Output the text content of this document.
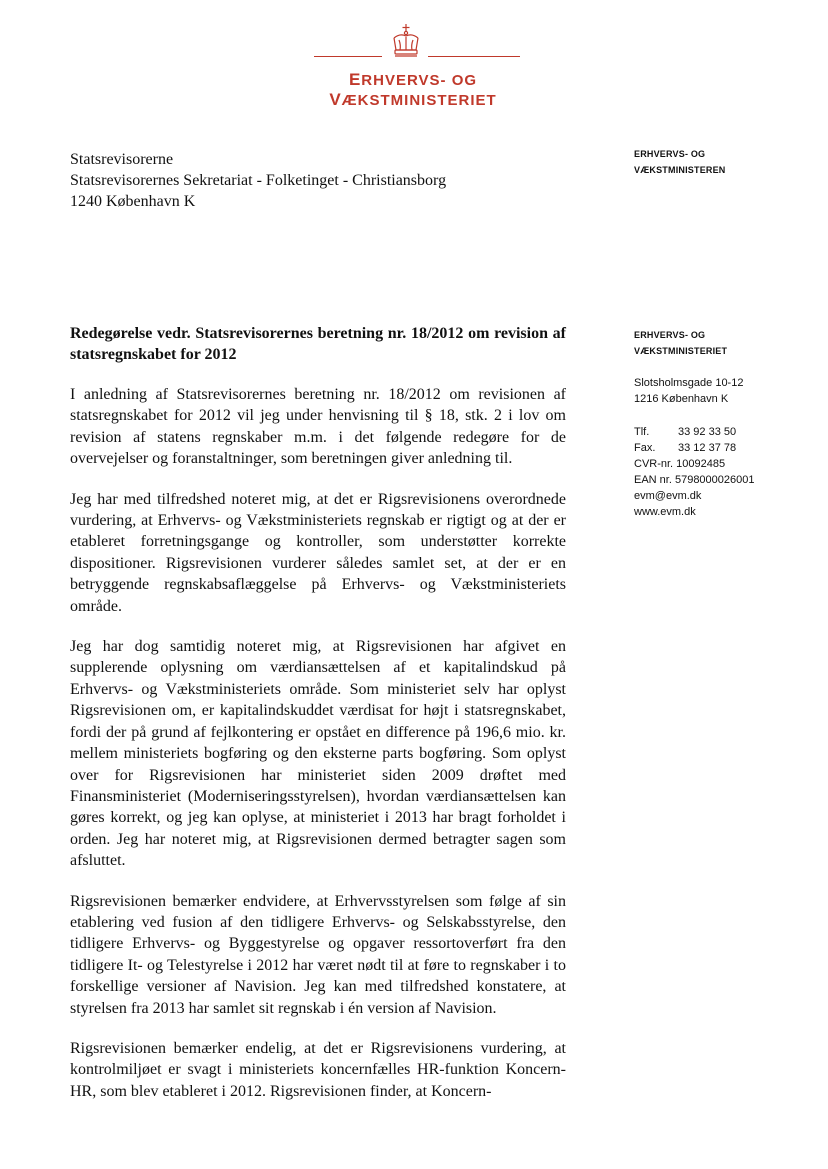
ERHVERVS- OG VÆKSTMINISTERIET
Statsrevisorerne
Statsrevisorernes Sekretariat - Folketinget - Christiansborg
1240 København K
ERHVERVS- OG
VÆKSTMINISTEREN
ERHVERVS- OG
VÆKSTMINISTERIET
Slotsholmsgade 10-12
1216 København K
Tlf.	33 92 33 50
Fax.	33 12 37 78
CVR-nr. 10092485
EAN nr. 5798000026001
evm@evm.dk
www.evm.dk
Redegørelse vedr. Statsrevisorernes beretning nr. 18/2012 om revision af statsregnskabet for 2012

I anledning af Statsrevisorernes beretning nr. 18/2012 om revisionen af statsregnskabet for 2012 vil jeg under henvisning til § 18, stk. 2 i lov om revision af statens regnskaber m.m. i det følgende redegøre for de overvejelser og foranstaltninger, som beretningen giver anledning til.

Jeg har med tilfredshed noteret mig, at det er Rigsrevisionens overordnede vurdering, at Erhvervs- og Vækstministeriets regnskab er rigtigt og at der er etableret forretningsgange og kontroller, som understøtter korrekte dispositioner. Rigsrevisionen vurderer således samlet set, at der er en betryggende regnskabsaflæggelse på Erhvervs- og Vækstministeriets område.

Jeg har dog samtidig noteret mig, at Rigsrevisionen har afgivet en supplerende oplysning om værdiansættelsen af et kapitalindskud på Erhvervs- og Vækstministeriets område. Som ministeriet selv har oplyst Rigsrevisionen om, er kapitalindskuddet værdisat for højt i statsregnskabet, fordi der på grund af fejlkontering er opstået en difference på 196,6 mio. kr. mellem ministeriets bogføring og den eksterne parts bogføring. Som oplyst over for Rigsrevisionen har ministeriet siden 2009 drøftet med Finansministeriet (Moderniseringsstyrelsen), hvordan værdiansættelsen kan gøres korrekt, og jeg kan oplyse, at ministeriet i 2013 har bragt forholdet i orden. Jeg har noteret mig, at Rigsrevisionen dermed betragter sagen som afsluttet.

Rigsrevisionen bemærker endvidere, at Erhvervsstyrelsen som følge af sin etablering ved fusion af den tidligere Erhvervs- og Selskabsstyrelse, den tidligere Erhvervs- og Byggestyrelse og opgaver ressortoverført fra den tidligere It- og Telestyrelse i 2012 har været nødt til at føre to regnskaber i to forskellige versioner af Navision. Jeg kan med tilfredshed konstatere, at styrelsen fra 2013 har samlet sit regnskab i én version af Navision.

Rigsrevisionen bemærker endelig, at det er Rigsrevisionens vurdering, at kontrolmiljøet er svagt i ministeriets koncernfælles HR-funktion Koncern-HR, som blev etableret i 2012. Rigsrevisionen finder, at Koncern-
